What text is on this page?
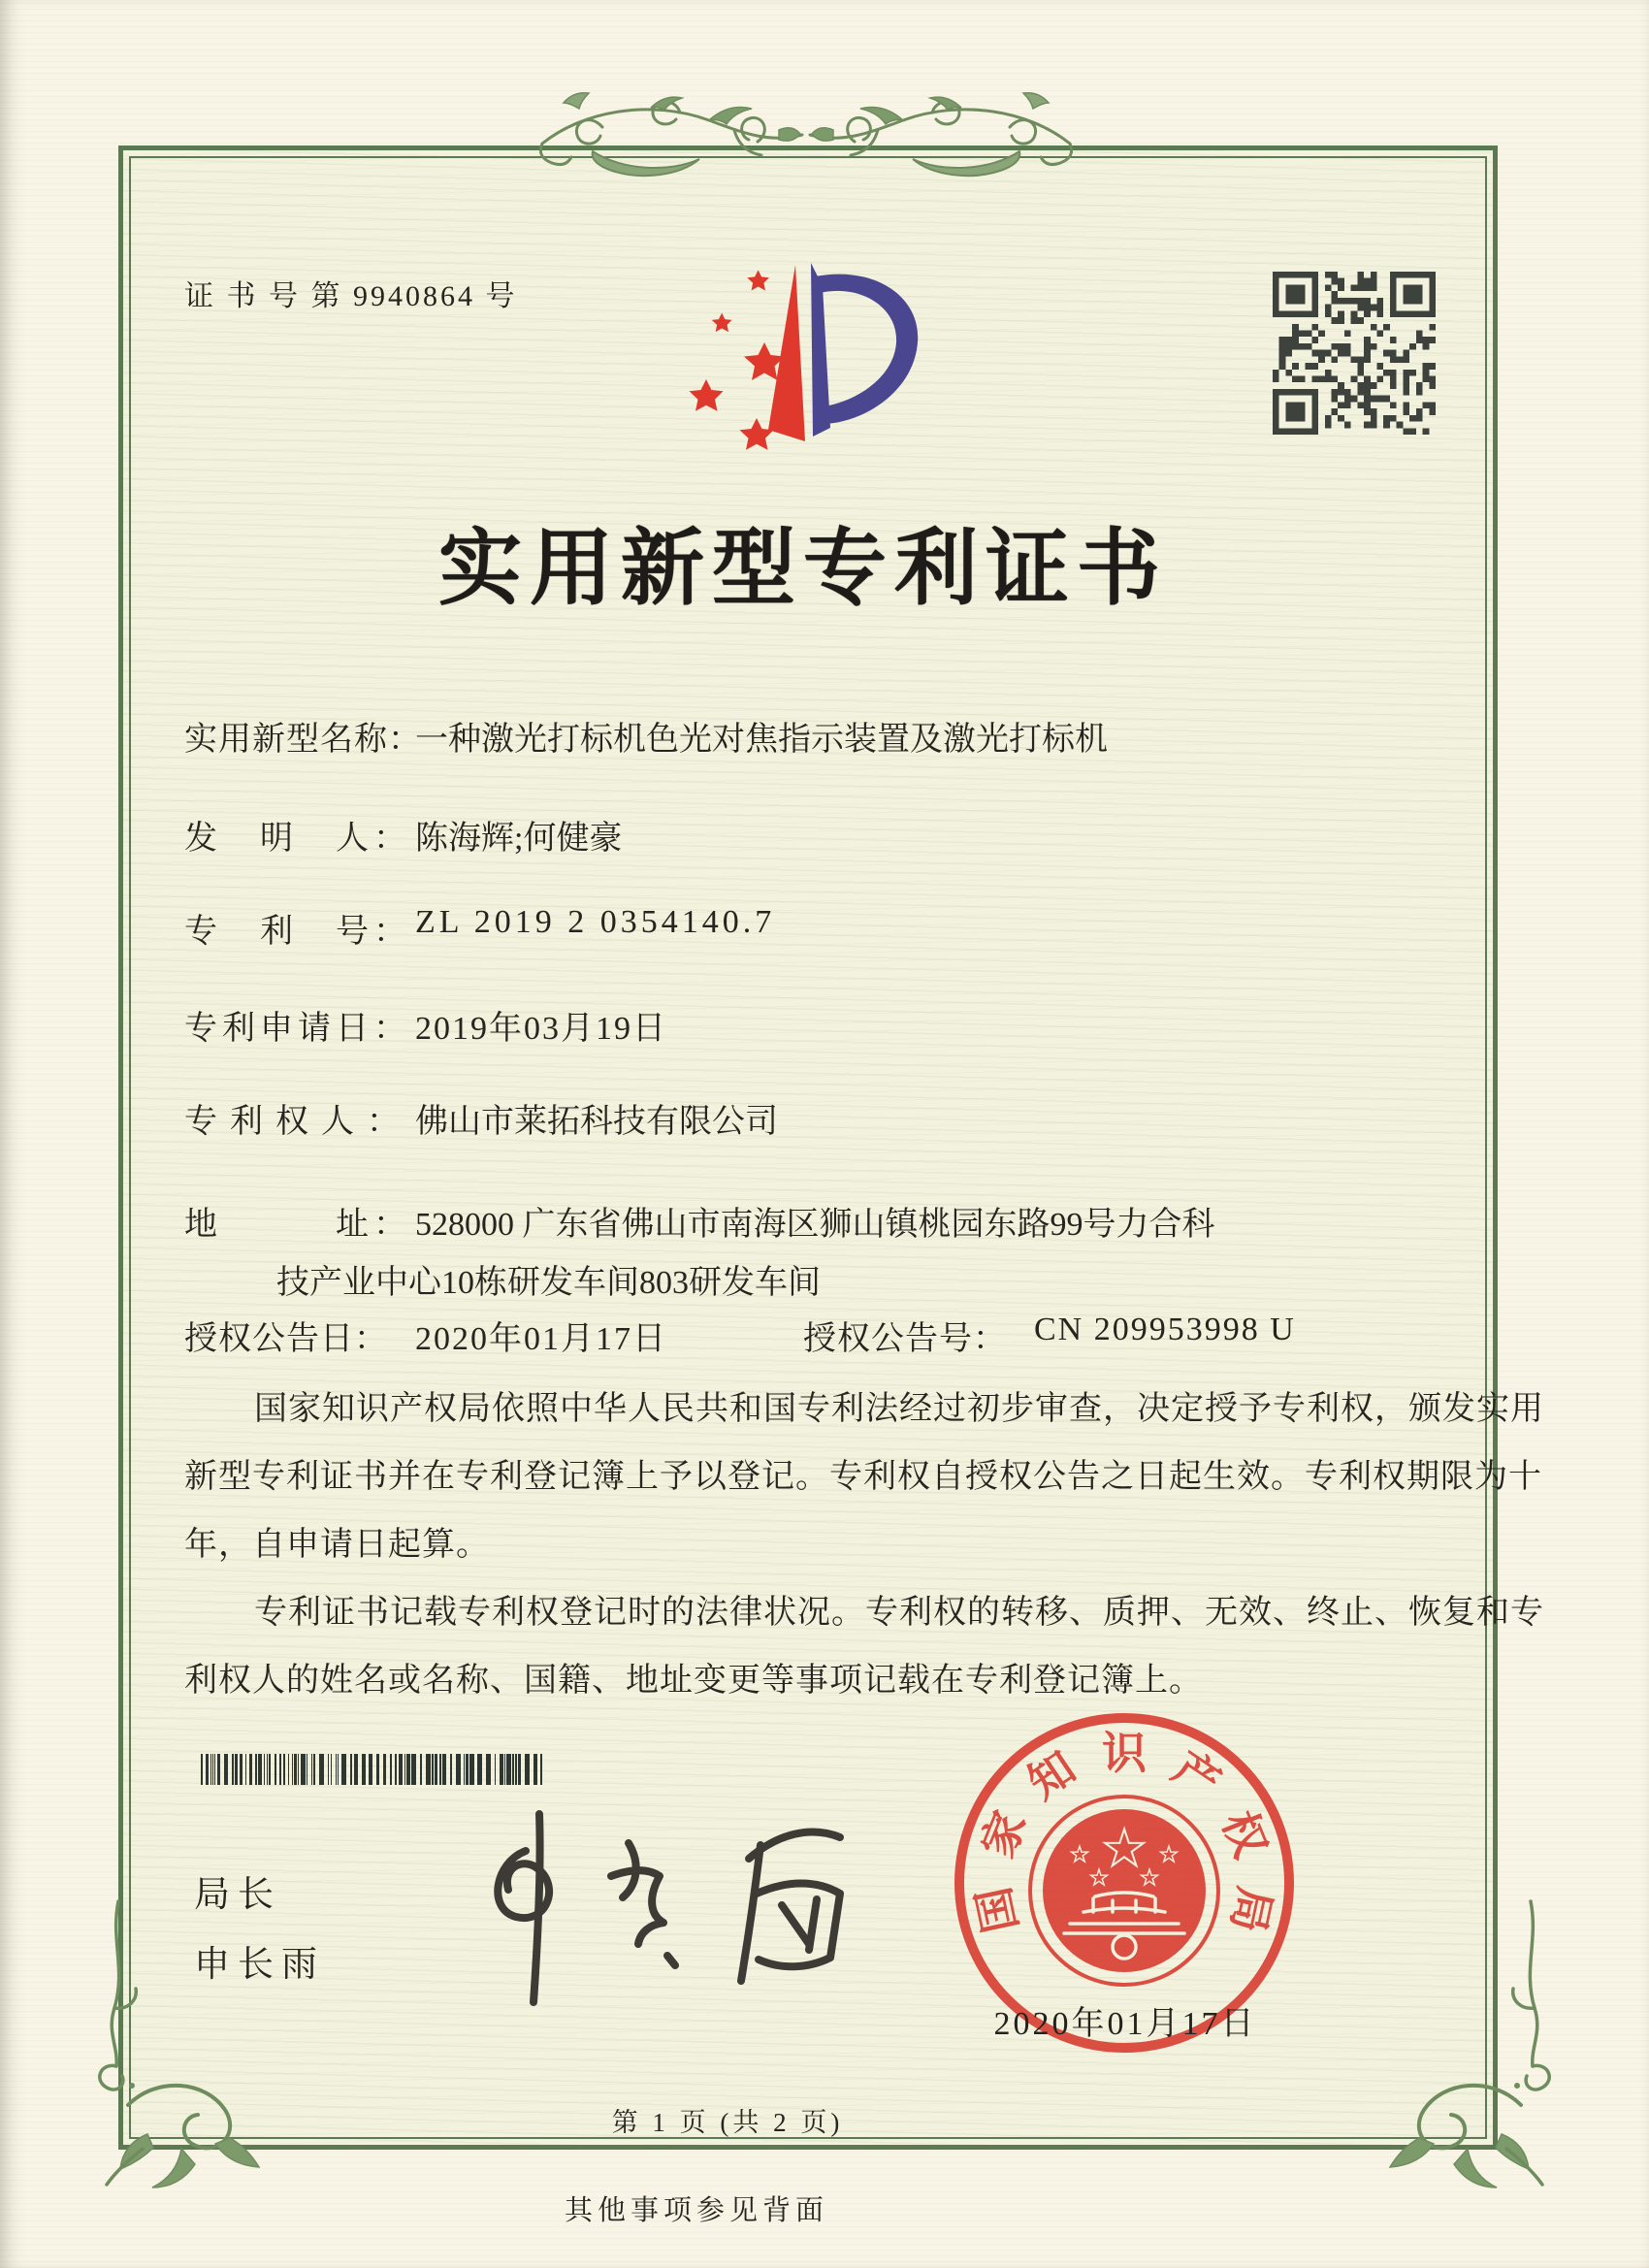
证 书 号 第 9940864 号
实用新型专利证书
实用新型名称：
一种激光打标机色光对焦指示装置及激光打标机
发　明　人： 陈海辉;何健豪
专　利　号： ZL 2019 2 0354140.7
专利申请日： 2019年03月19日
专利权人： 佛山市莱拓科技有限公司
地　　　址： 528000 广东省佛山市南海区狮山镇桃园东路99号力合科
技产业中心10栋研发车间803研发车间
授权公告日： 2020年01月17日	授权公告号： CN 209953998 U
国家知识产权局依照中华人民共和国专利法经过初步审查，决定授予专利权，颁发实用
新型专利证书并在专利登记簿上予以登记。专利权自授权公告之日起生效。专利权期限为十
年，自申请日起算。
专利证书记载专利权登记时的法律状况。专利权的转移、质押、无效、终止、恢复和专
利权人的姓名或名称、国籍、地址变更等事项记载在专利登记簿上。
局长
申长雨
国
家
知 识 产
权
局
★
★	★
★ ★
2020年01月17日
第 1 页 (共 2 页)
其他事项参见背面
